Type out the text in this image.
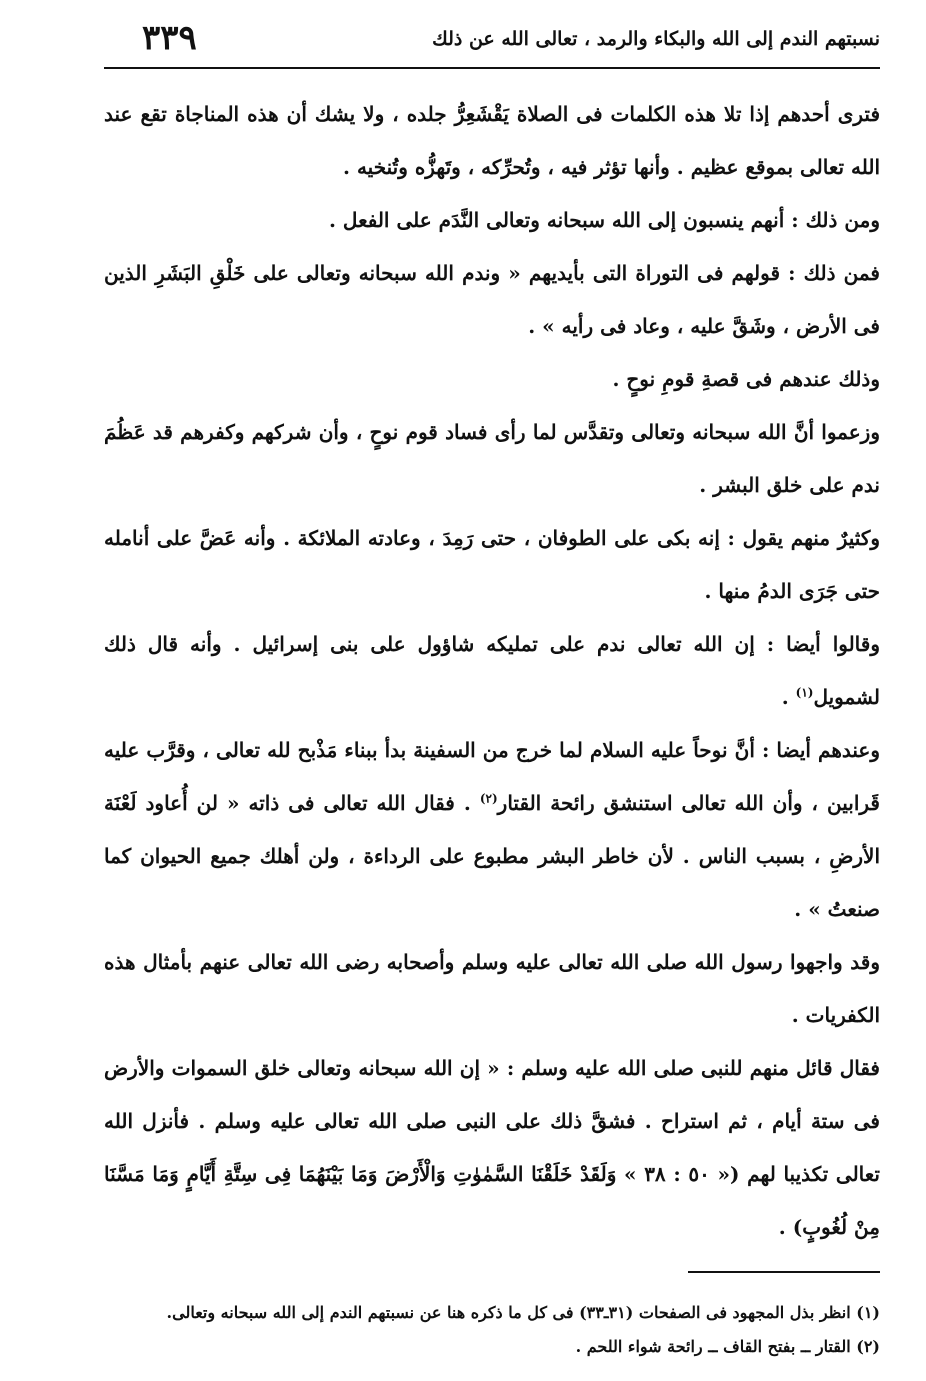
نسبتهم الندم إلى الله والبكاء والرمد ، تعالى الله عن ذلك
٣٣٩

فترى أحدهم إذا تلا هذه الكلمات فى الصلاة يَقْشَعِرُّ جلده ، ولا يشك أن هذه المناجاة تقع عند الله تعالى بموقع عظيم . وأنها تؤثر فيه ، وتُحرِّكه ، وتَهزُّه وتُنخيه .

ومن ذلك : أنهم ينسبون إلى الله سبحانه وتعالى النَّدَم على الفعل .

فمن ذلك : قولهم فى التوراة التى بأيديهم « وندم الله سبحانه وتعالى على خَلْقِ البَشَرِ الذين فى الأرض ، وشَقَّ عليه ، وعاد فى رأيه » .

وذلك عندهم فى قصةِ قومِ نوحٍ .

وزعموا أنَّ الله سبحانه وتعالى وتقدَّس لما رأى فساد قوم نوحٍ ، وأن شركهم وكفرهم قد عَظُمَ ندم على خلق البشر .

وكثيرٌ منهم يقول : إنه بكى على الطوفان ، حتى رَمِدَ ، وعادته الملائكة . وأنه عَضَّ على أنامله حتى جَرَى الدمُ منها .

وقالوا أيضا : إن الله تعالى ندم على تمليكه شاؤول على بنى إسرائيل . وأنه قال ذلك لشمويل$^{(١)}$ .

وعندهم أيضا : أنَّ نوحاً عليه السلام لما خرج من السفينة بدأ ببناء مَذْبح لله تعالى ، وقرَّب عليه قَرابين ، وأن الله تعالى استنشق رائحة القتار$^{(٢)}$ . فقال الله تعالى فى ذاته « لن أُعاود لَعْنَة الأرضِ ، بسبب الناس . لأن خاطر البشر مطبوع على الرداءة ، ولن أهلك جميع الحيوان كما صنعتُ » .

وقد واجهوا رسول الله صلى الله تعالى عليه وسلم وأصحابه رضى الله تعالى عنهم بأمثال هذه الكفريات .

فقال قائل منهم للنبى صلى الله عليه وسلم : « إن الله سبحانه وتعالى خلق السموات والأرض فى ستة أيام ، ثم استراح . فشقَّ ذلك على النبى صلى الله تعالى عليه وسلم . فأنزل الله تعالى تكذيبا لهم (« ٥٠ : ٣٨ » وَلَقَدْ خَلَقْنَا السَّمٰوٰتِ وَالْأَرْضَ وَمَا بَيْنَهُمَا فِى سِتَّةِ أَيَّامٍ وَمَا مَسَّنَا مِنْ لُغُوبٍ) .

(١) انظر بذل المجهود فى الصفحات (٣١ـ٣٣) فى كل ما ذكره هنا عن نسبتهم الندم إلى الله سبحانه وتعالى.
(٢) القتار ــ بفتح القاف ــ رائحة شواء اللحم .
